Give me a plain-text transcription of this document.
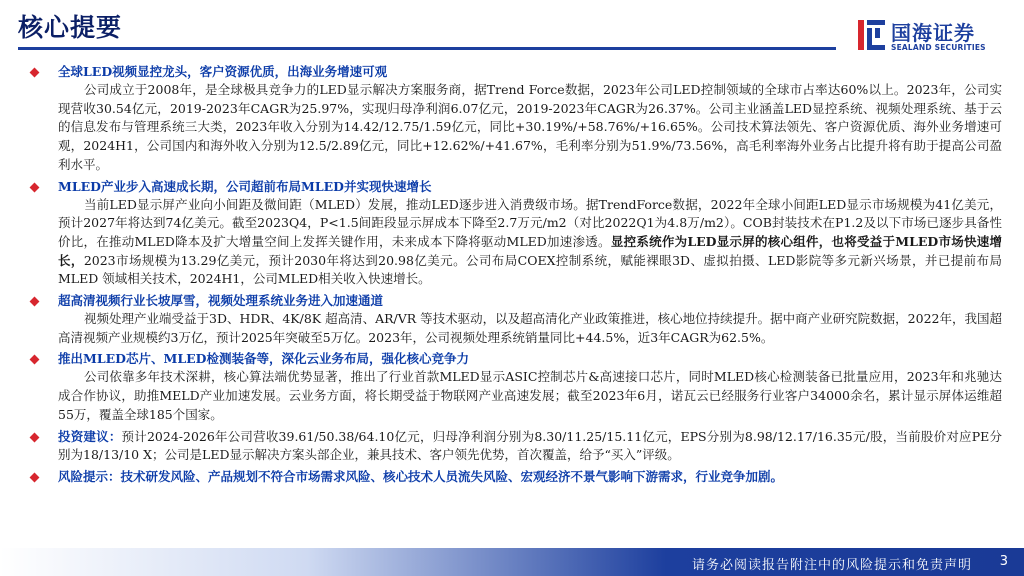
核心提要	国海证券
SEALAND SECURITIES
全球LED视频显控龙头，客户资源优质，出海业务增速可观
公司成立于2008年，是全球极具竞争力的LED显示解决方案服务商，据Trend Force数据，2023年公司LED控制领域的全球市占率达60%以上。2023年，公司实现营收30.54亿元，2019-2023年CAGR为25.97%，实现归母净利润6.07亿元，2019-2023年CAGR为26.37%。公司主业涵盖LED显控系统、视频处理系统、基于云的信息发布与管理系统三大类，2023年收入分别为14.42/12.75/1.59亿元，同比+30.19%/+58.76%/+16.65%。公司技术算法领先、客户资源优质、海外业务增速可观，2024H1，公司国内和海外收入分别为12.5/2.89亿元，同比+12.62%/+41.67%，毛利率分别为51.9%/73.56%，高毛利率海外业务占比提升将有助于提高公司盈利水平。
MLED产业步入高速成长期，公司超前布局MLED并实现快速增长
当前LED显示屏产业向小间距及微间距（MLED）发展，推动LED逐步进入消费级市场。据TrendForce数据，2022年全球小间距LED显示市场规模为41亿美元，预计2027年将达到74亿美元。截至2023Q4，P<1.5间距段显示屏成本下降至2.7万元/m2（对比2022Q1为4.8万/m2）。COB封装技术在P1.2及以下市场已逐步具备性价比，在推动MLED降本及扩大增量空间上发挥关键作用，未来成本下降将驱动MLED加速渗透。显控系统作为LED显示屏的核心组件，也将受益于MLED市场快速增长，2023市场规模为13.29亿美元，预计2030年将达到20.98亿美元。公司布局COEX控制系统，赋能裸眼3D、虚拟拍摄、LED影院等多元新兴场景，并已提前布局 MLED 领域相关技术，2024H1，公司MLED相关收入快速增长。
超高清视频行业长坡厚雪，视频处理系统业务进入加速通道
视频处理产业端受益于3D、HDR、4K/8K 超高清、AR/VR 等技术驱动，以及超高清化产业政策推进，核心地位持续提升。据中商产业研究院数据，2022年，我国超高清视频产业规模约3万亿，预计2025年突破至5万亿。2023年，公司视频处理系统销量同比+44.5%，近3年CAGR为62.5%。
推出MLED芯片、MLED检测装备等，深化云业务布局，强化核心竞争力
公司依靠多年技术深耕，核心算法端优势显著，推出了行业首款MLED显示ASIC控制芯片&高速接口芯片，同时MLED核心检测装备已批量应用，2023年和兆驰达成合作协议，助推MELD产业加速发展。云业务方面，将长期受益于物联网产业高速发展；截至2023年6月，诺瓦云已经服务行业客户34000余名，累计显示屏体运维超55万，覆盖全球185个国家。
投资建议：预计2024-2026年公司营收39.61/50.38/64.10亿元，归母净利润分别为8.30/11.25/15.11亿元，EPS分别为8.98/12.17/16.35元/股，当前股价对应PE分别为18/13/10 X；公司是LED显示解决方案头部企业，兼具技术、客户领先优势，首次覆盖，给予“买入”评级。
风险提示：技术研发风险、产品规划不符合市场需求风险、核心技术人员流失风险、宏观经济不景气影响下游需求，行业竞争加剧。
请务必阅读报告附注中的风险提示和免责声明 3
